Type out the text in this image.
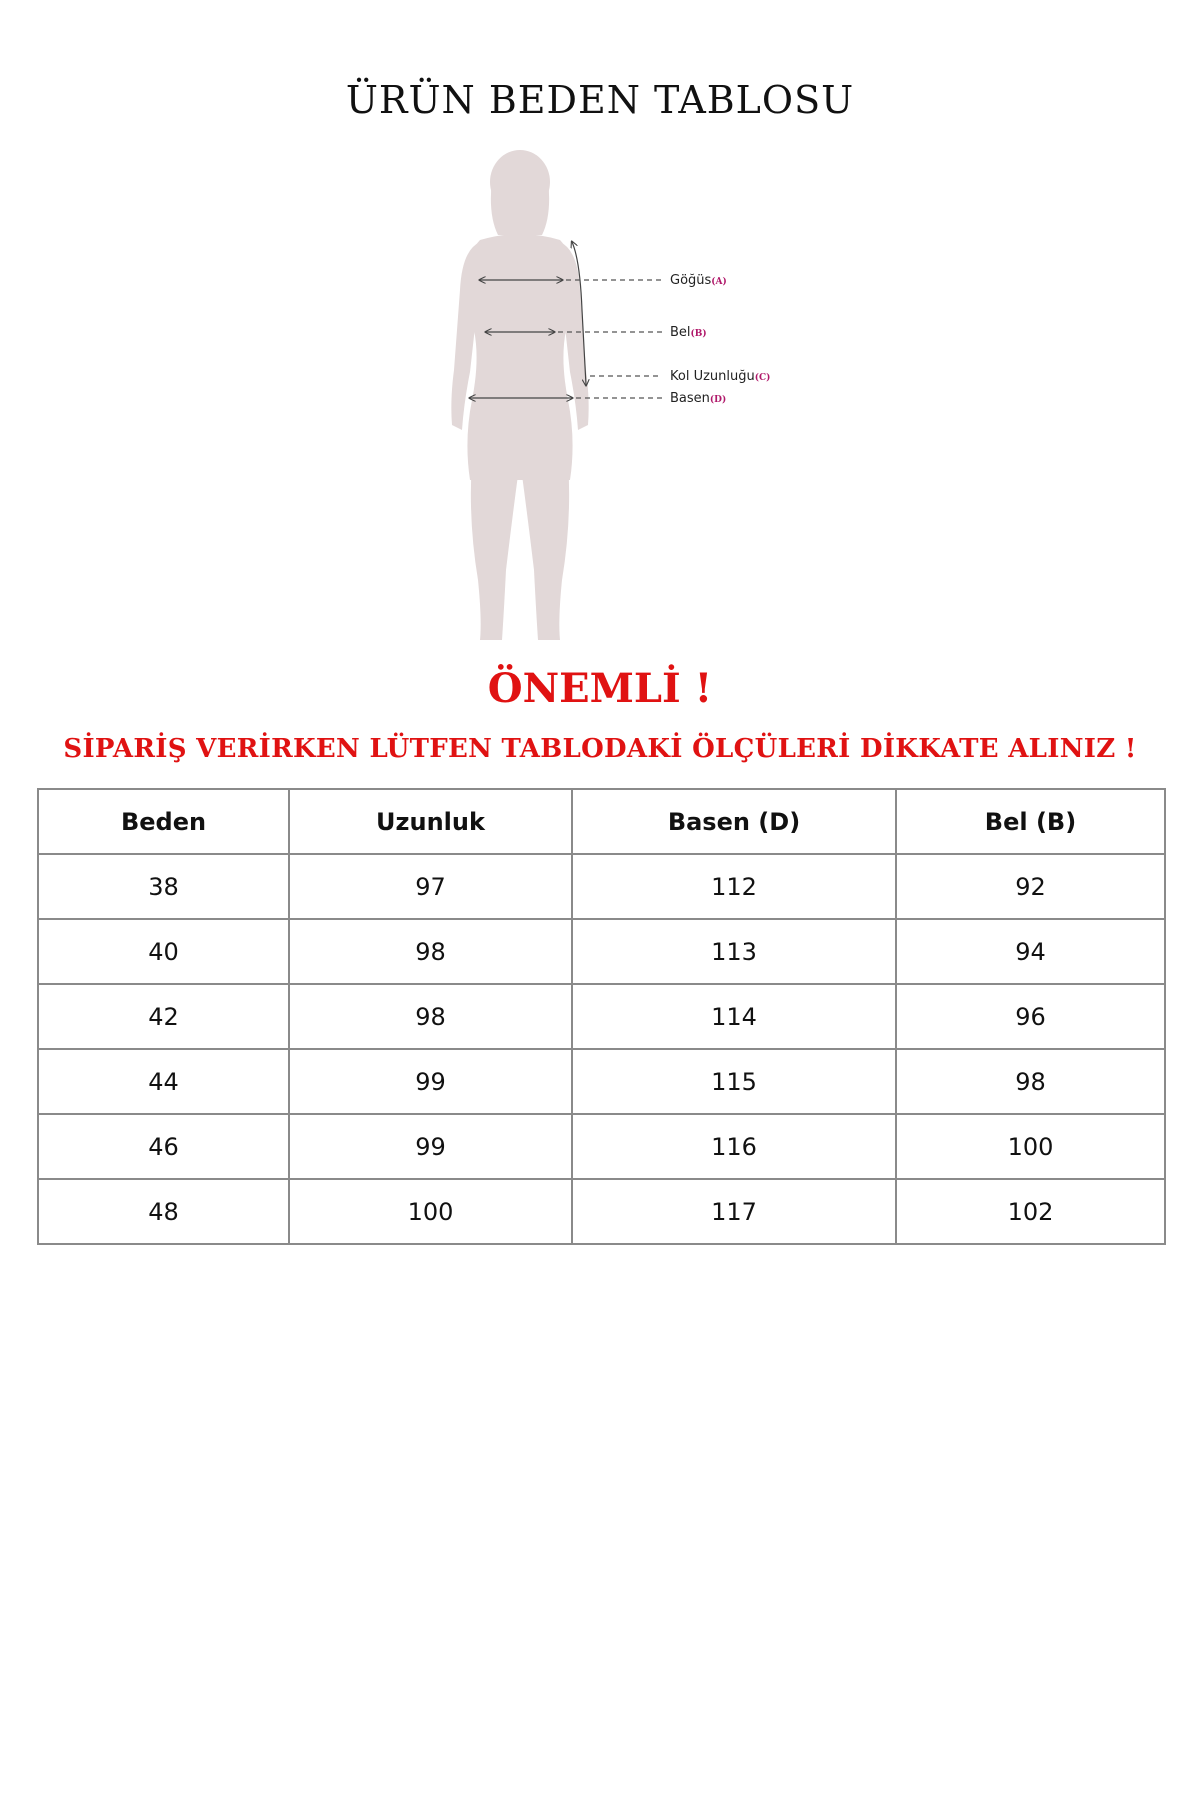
ÜRÜN BEDEN TABLOSU
Göğüs(A)
Bel(B)
Kol Uzunluğu(C)
Basen(D)
ÖNEMLİ !
SİPARİŞ VERİRKEN LÜTFEN TABLODAKİ ÖLÇÜLERİ DİKKATE ALINIZ !
Beden	Uzunluk	Basen (D)	Bel (B)
38	97	112	92
40	98	113	94
42	98	114	96
44	99	115	98
46	99	116	100
48	100	117	102
